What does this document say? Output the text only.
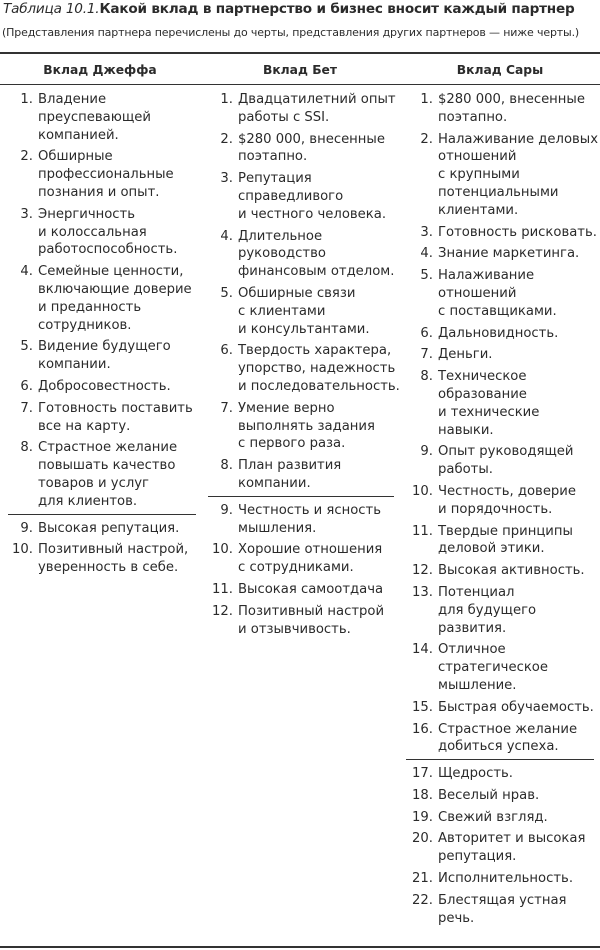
Таблица 10.1.Какой вклад в партнерство и бизнес вносит каждый партнер
(Представления партнера перечислены до черты, представления других партнеров — ниже черты.)
Вклад Джеффа	Вклад Бет	Вклад Сары
1. Владение
преуспевающей
компанией.
2. Обширные
профессиональные
познания и опыт.
3. Энергичность
и колоссальная
работоспособность.
4. Семейные ценности,
включающие доверие
и преданность
сотрудников.
5. Видение будущего
компании.
6. Добросовестность.
7. Готовность поставить
все на карту.
8. Страстное желание
повышать качество
товаров и услуг
для клиентов.
9. Высокая репутация.
10. Позитивный настрой,
уверенность в себе.
1. Двадцатилетний опыт
работы с SSI.
2. $280 000, внесенные
поэтапно.
3. Репутация
справедливого
и честного человека.
4. Длительное
руководство
финансовым отделом.
5. Обширные связи
с клиентами
и консультантами.
6. Твердость характера,
упорство, надежность
и последовательность.
7. Умение верно
выполнять задания
с первого раза.
8. План развития
компании.
9. Честность и ясность
мышления.
10. Хорошие отношения
с сотрудниками.
11. Высокая самоотдача
12. Позитивный настрой
и отзывчивость.
1. $280 000, внесенные
поэтапно.
2. Налаживание деловых
отношений
с крупными
потенциальными
клиентами.
3. Готовность рисковать.
4. Знание маркетинга.
5. Налаживание
отношений
с поставщиками.
6. Дальновидность.
7. Деньги.
8. Техническое
образование
и технические
навыки.
9. Опыт руководящей
работы.
10. Честность, доверие
и порядочность.
11. Твердые принципы
деловой этики.
12. Высокая активность.
13. Потенциал
для будущего
развития.
14. Отличное
стратегическое
мышление.
15. Быстрая обучаемость.
16. Страстное желание
добиться успеха.
17. Щедрость.
18. Веселый нрав.
19. Свежий взгляд.
20. Авторитет и высокая
репутация.
21. Исполнительность.
22. Блестящая устная
речь.
